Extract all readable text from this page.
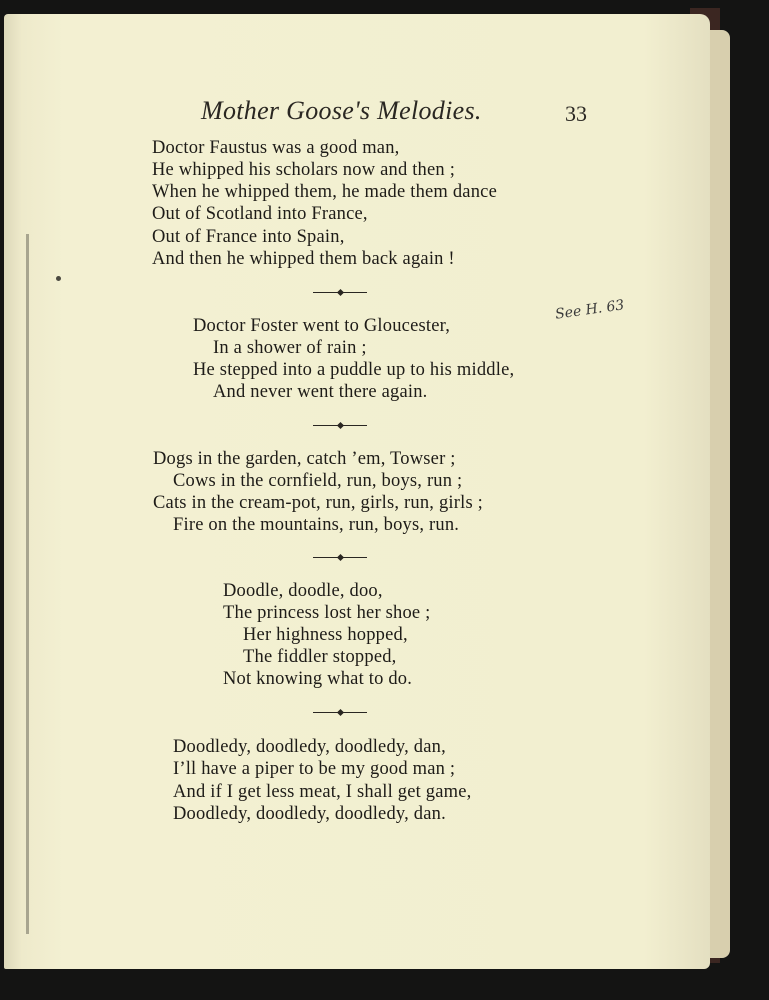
Mother Goose's Melodies.	33
See H. 63
Doctor Faustus was a good man,
He whipped his scholars now and then ;
When he whipped them, he made them dance
Out of Scotland into France,
Out of France into Spain,
And then he whipped them back again !
Doctor Foster went to Gloucester,
In a shower of rain ;
He stepped into a puddle up to his middle,
And never went there again.
Dogs in the garden, catch ’em, Towser ;
Cows in the cornfield, run, boys, run ;
Cats in the cream-pot, run, girls, run, girls ;
Fire on the mountains, run, boys, run.
Doodle, doodle, doo,
The princess lost her shoe ;
Her highness hopped,
The fiddler stopped,
Not knowing what to do.
Doodledy, doodledy, doodledy, dan,
I’ll have a piper to be my good man ;
And if I get less meat, I shall get game,
Doodledy, doodledy, doodledy, dan.
